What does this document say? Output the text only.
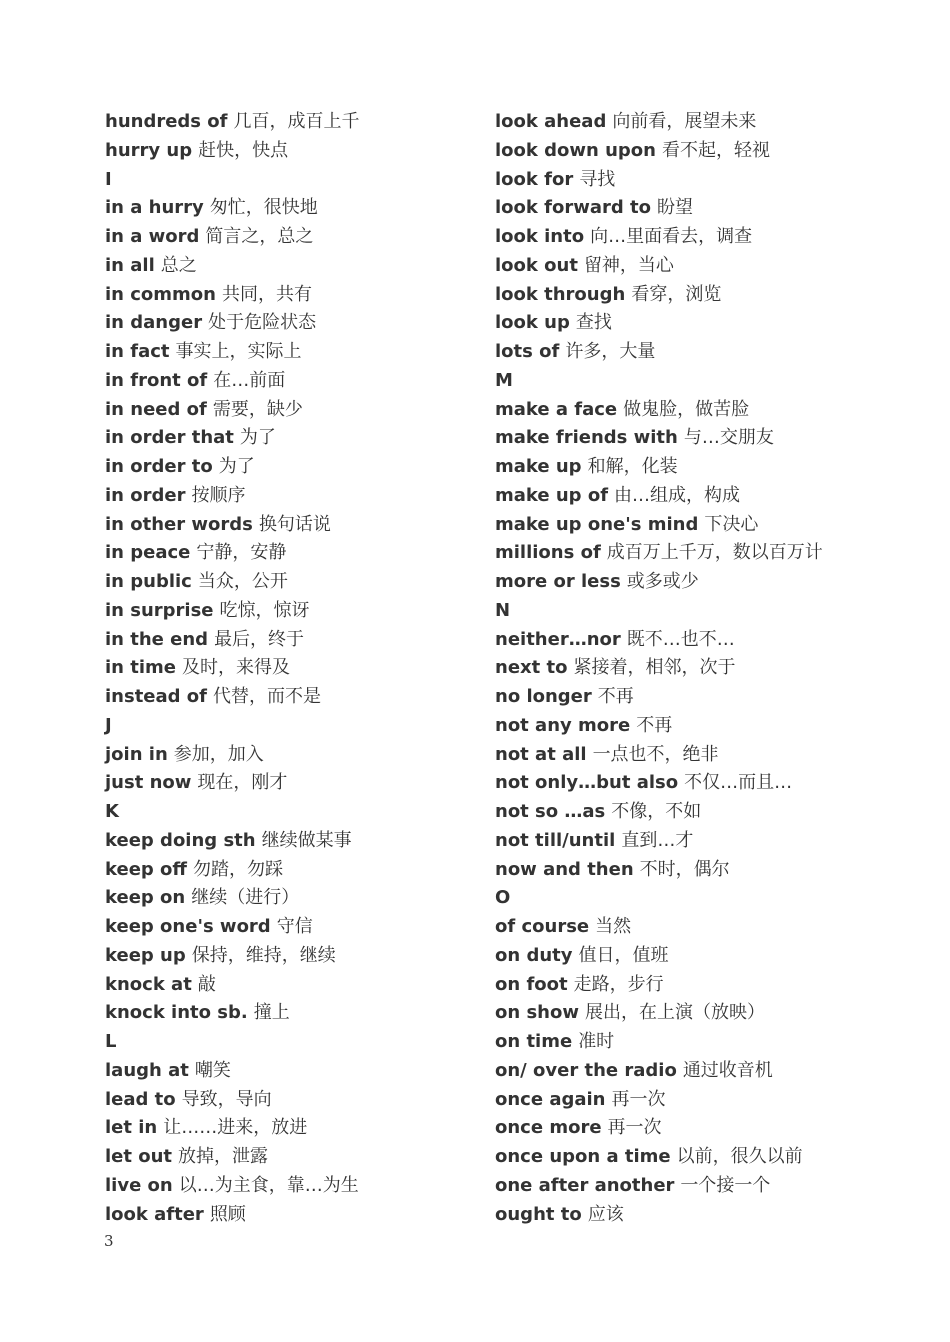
hundreds of 几百，成百上千
hurry up 赶快，快点
I
in a hurry 匆忙，很快地
in a word 简言之，总之
in all 总之
in common 共同，共有
in danger 处于危险状态
in fact 事实上，实际上
in front of 在…前面
in need of 需要，缺少
in order that 为了
in order to 为了
in order 按顺序
in other words 换句话说
in peace 宁静，安静
in public 当众，公开
in surprise 吃惊，惊讶
in the end 最后，终于
in time 及时，来得及
instead of 代替，而不是
J
join in 参加，加入
just now 现在，刚才
K
keep doing sth 继续做某事
keep off 勿踏，勿踩
keep on 继续（进行）
keep one's word 守信
keep up 保持，维持，继续
knock at 敲
knock into sb. 撞上
L
laugh at 嘲笑
lead to 导致，导向
let in 让……进来，放进
let out 放掉，泄露
live on 以…为主食，靠…为生
look after 照顾
look ahead 向前看，展望未来
look down upon 看不起，轻视
look for 寻找
look forward to 盼望
look into 向…里面看去，调查
look out 留神，当心
look through 看穿，浏览
look up 查找
lots of 许多，大量
M
make a face 做鬼脸，做苦脸
make friends with 与…交朋友
make up 和解，化装
make up of 由…组成，构成
make up one's mind 下决心
millions of 成百万上千万，数以百万计
more or less 或多或少
N
neither…nor 既不…也不…
next to 紧接着，相邻，次于
no longer 不再
not any more 不再
not at all 一点也不，绝非
not only…but also 不仅…而且…
not so …as 不像，不如
not till/until 直到…才
now and then 不时，偶尔
O
of course 当然
on duty 值日，值班
on foot 走路，步行
on show 展出，在上演（放映）
on time 准时
on/ over the radio 通过收音机
once again 再一次
once more 再一次
once upon a time 以前，很久以前
one after another 一个接一个
ought to 应该
3
